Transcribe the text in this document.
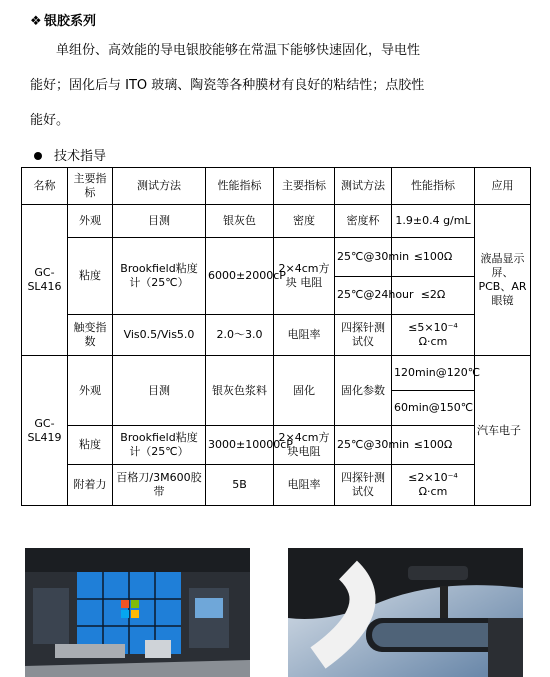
❖ 银胶系列
单组份、高效能的导电银胶能够在常温下能够快速固化，导电性
能好；固化后与 ITO 玻璃、陶瓷等各种膜材有良好的粘结性；点胶性
能好。
技术指导
名称	主要指标	测试方法	性能指标	主要指标	测试方法	性能指标	应用
GC-SL416	外观	目测	银灰色	密度	密度杯	1.9±0.4 g/mL	液晶显示屏、PCB、AR眼镜
	粘度	Brookfield粘度计（25℃）	6000±2000cP	2×4cm方块 电阻	25℃@30min	≤100Ω	
					25℃@24hour	≤2Ω	
	触变指数	Vis0.5/Vis5.0	2.0～3.0	电阻率	四探针测试仪	≤5×10⁻⁴ Ω·cm	
GC-SL419	外观	目测	银灰色浆料	固化	固化参数	120min@120℃	汽车电子
						60min@150℃	
	粘度	Brookfield粘度计（25℃）	3000±10000cP	2×4cm方块电阻	25℃@30min	≤100Ω	
	附着力	百格刀/3M600胶带	5B	电阻率	四探针测试仪	≤2×10⁻⁴ Ω·cm	
